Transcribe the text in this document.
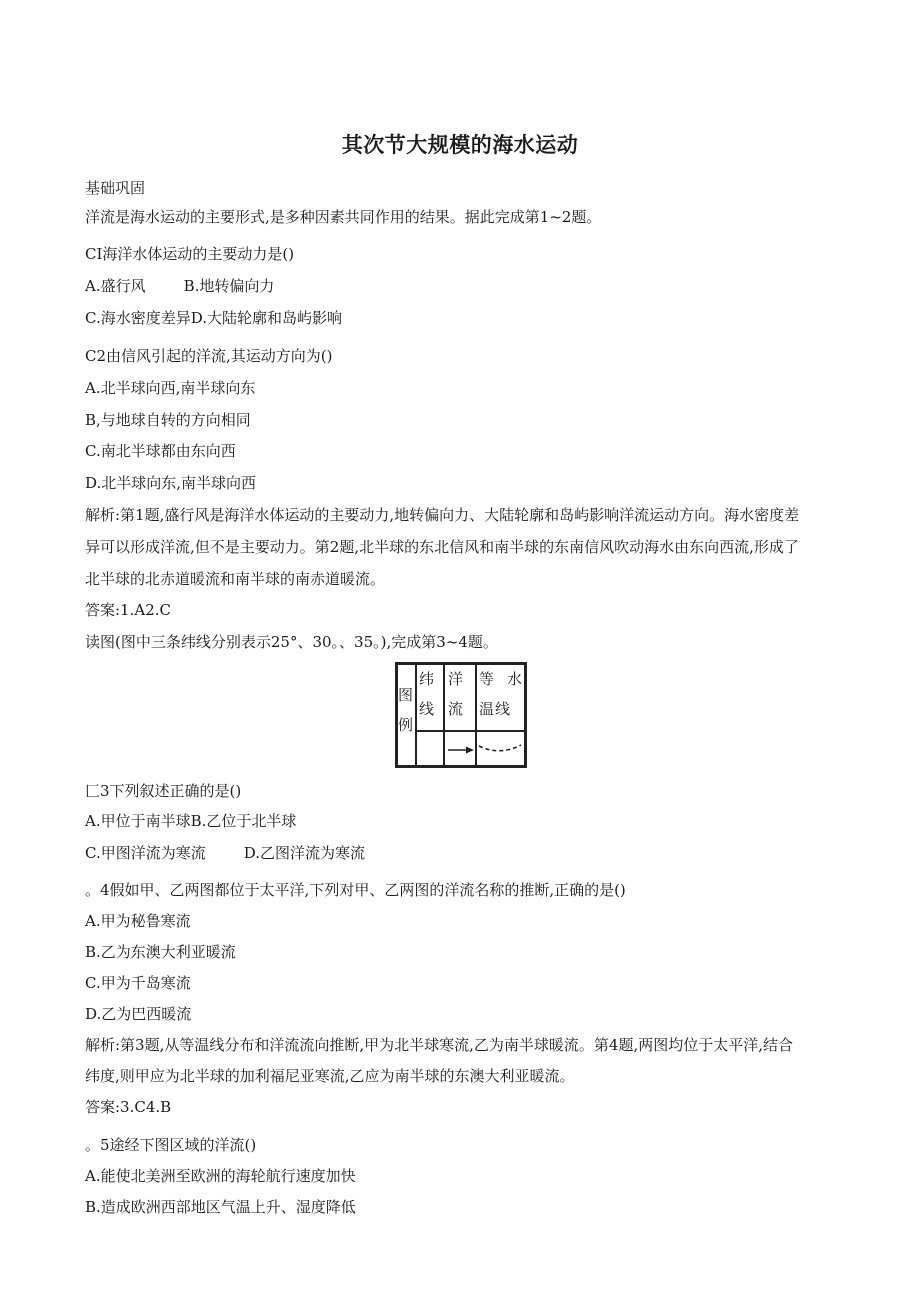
其次节大规模的海水运动
基础巩固
洋流是海水运动的主要形式,是多种因素共同作用的结果。据此完成第1~2题。
CI海洋水体运动的主要动力是()
A.盛行风	B.地转偏向力
C.海水密度差异D.大陆轮廓和岛屿影响
C2由信风引起的洋流,其运动方向为()
A.北半球向西,南半球向东
B,与地球自转的方向相同
C.南北半球都由东向西
D.北半球向东,南半球向西
解析:第1题,盛行风是海洋水体运动的主要动力,地转偏向力、大陆轮廓和岛屿影响洋流运动方向。海水密度差
异可以形成洋流,但不是主要动力。第2题,北半球的东北信风和南半球的东南信风吹动海水由东向西流,形成了
北半球的北赤道暖流和南半球的南赤道暖流。
答案:1.A2.C
读图(图中三条纬线分别表示25°、30。、35。),完成第3~4题。
图
例
纬
线
洋
流
等 水
温 线
匚3下列叙述正确的是()
A.甲位于南半球B.乙位于北半球
C.甲图洋流为寒流	D.乙图洋流为寒流
。4假如甲、乙两图都位于太平洋,下列对甲、乙两图的洋流名称的推断,正确的是()
A.甲为秘鲁寒流
B.乙为东澳大利亚暖流
C.甲为千岛寒流
D.乙为巴西暖流
解析:第3题,从等温线分布和洋流流向推断,甲为北半球寒流,乙为南半球暖流。第4题,两图均位于太平洋,结合
纬度,则甲应为北半球的加利福尼亚寒流,乙应为南半球的东澳大利亚暖流。
答案:3.C4.B
。5途经下图区域的洋流()
A.能使北美洲至欧洲的海轮航行速度加快
B.造成欧洲西部地区气温上升、湿度降低
